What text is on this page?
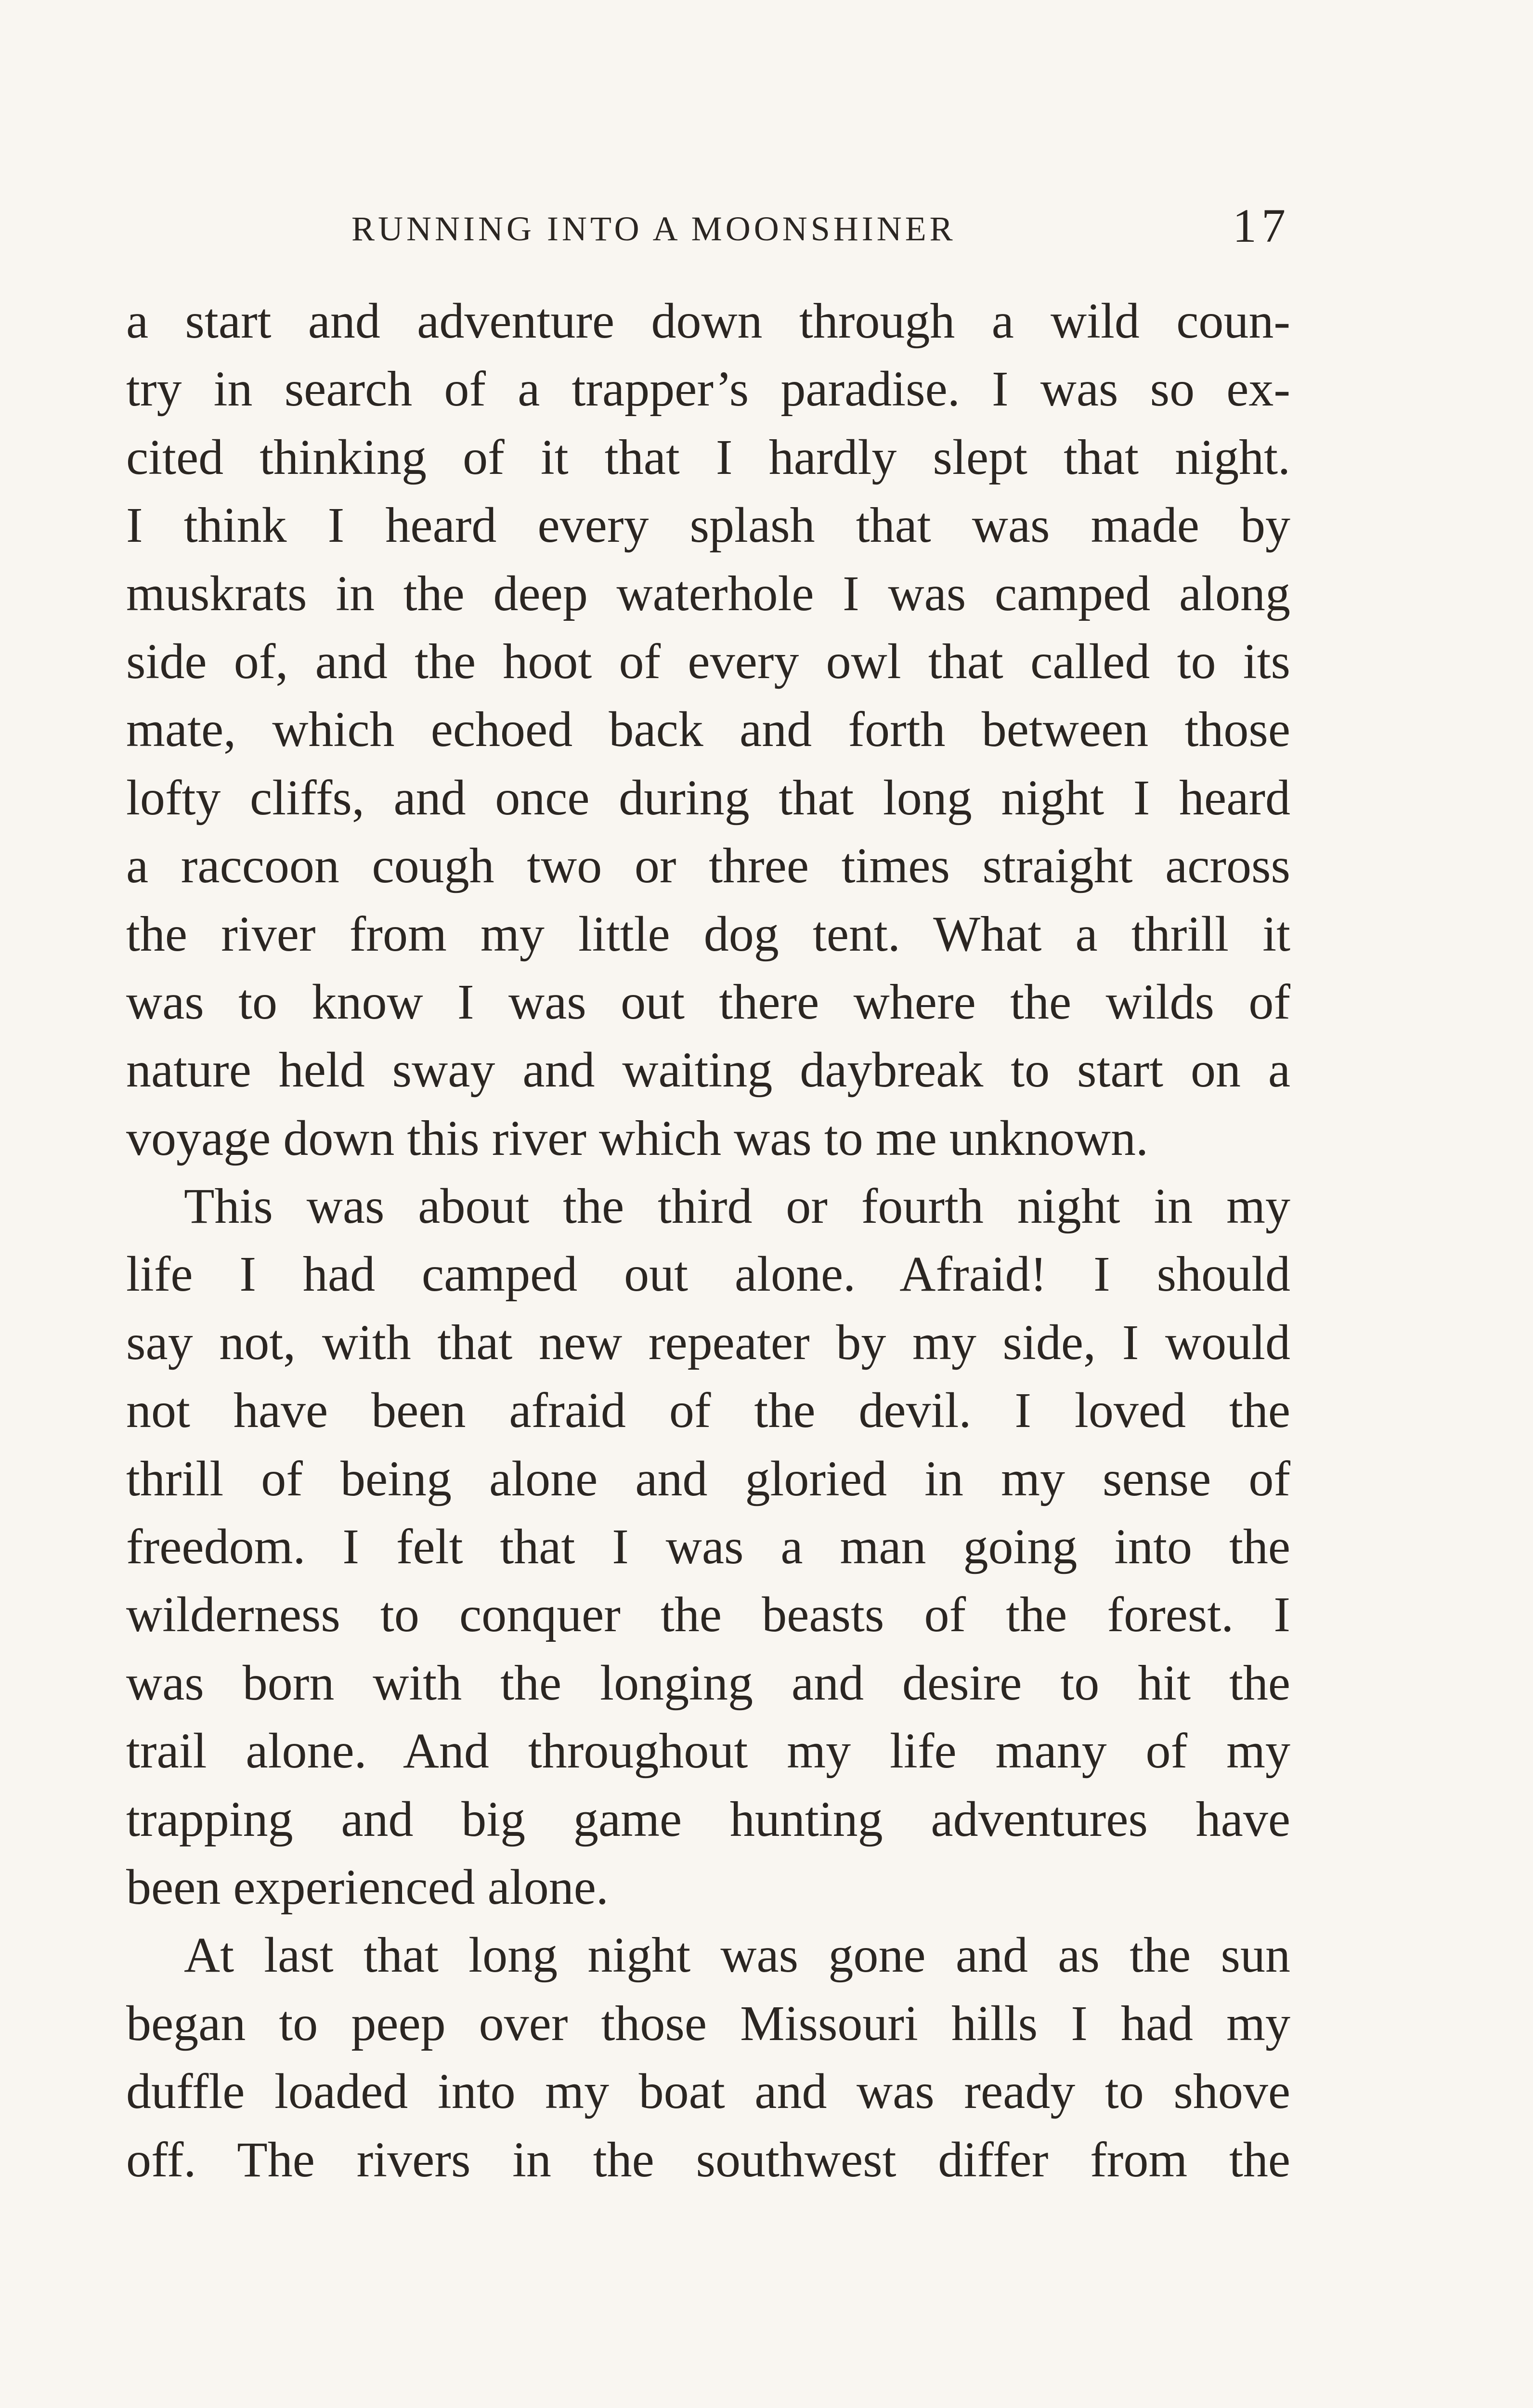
RUNNING INTO A MOONSHINER	17
a start and adventure down through a wild coun-
try in search of a trapper’s paradise. I was so ex-
cited thinking of it that I hardly slept that night.
I think I heard every splash that was made by
muskrats in the deep waterhole I was camped along
side of, and the hoot of every owl that called to its
mate, which echoed back and forth between those
lofty cliffs, and once during that long night I heard
a raccoon cough two or three times straight across
the river from my little dog tent. What a thrill it
was to know I was out there where the wilds of
nature held sway and waiting daybreak to start on a
voyage down this river which was to me unknown.
This was about the third or fourth night in my
life I had camped out alone. Afraid! I should
say not, with that new repeater by my side, I would
not have been afraid of the devil. I loved the
thrill of being alone and gloried in my sense of
freedom. I felt that I was a man going into the
wilderness to conquer the beasts of the forest. I
was born with the longing and desire to hit the
trail alone. And throughout my life many of my
trapping and big game hunting adventures have
been experienced alone.
At last that long night was gone and as the sun
began to peep over those Missouri hills I had my
duffle loaded into my boat and was ready to shove
off. The rivers in the southwest differ from the
